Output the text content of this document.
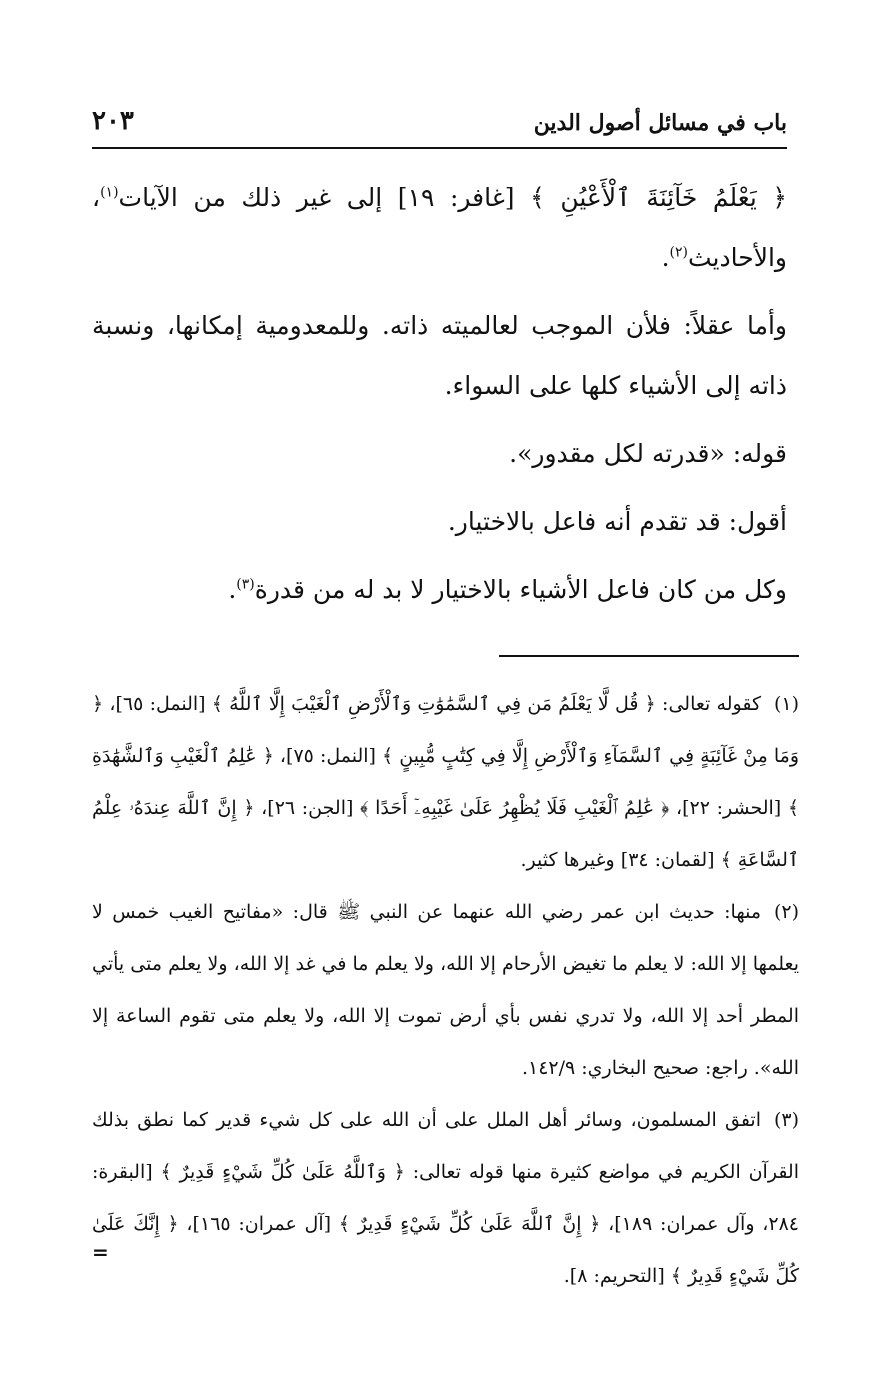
باب في مسائل أصول الدين
٢٠٣

﴿ يَعْلَمُ خَآئِنَةَ ٱلْأَعْيُنِ ﴾ [غافر: ١٩] إلى غير ذلك من الآيات$^{(١)}$، والأحاديث$^{(٢)}$.

وأما عقلاً: فلأن الموجب لعالميته ذاته. وللمعدومية إمكانها، ونسبة ذاته إلى الأشياء كلها على السواء.

قوله: «قدرته لكل مقدور».

أقول: قد تقدم أنه فاعل بالاختيار.

وكل من كان فاعل الأشياء بالاختيار لا بد له من قدرة$^{(٣)}$.

(١)كقوله تعالى: ﴿ قُل لَّا يَعْلَمُ مَن فِي ٱلسَّمَٰوَٰتِ وَٱلْأَرْضِ ٱلْغَيْبَ إِلَّا ٱللَّهُ ﴾ [النمل: ٦٥]، ﴿ وَمَا مِنْ غَآئِبَةٍ فِي ٱلسَّمَآءِ وَٱلْأَرْضِ إِلَّا فِي كِتَٰبٍ مُّبِينٍ ﴾ [النمل: ٧٥]، ﴿ عَٰلِمُ ٱلْغَيْبِ وَٱلشَّهَٰدَةِ ﴾ [الحشر: ٢٢]، ﴿ عَٰلِمُ ٱلْغَيْبِ فَلَا يُظْهِرُ عَلَىٰ غَيْبِهِۦٓ أَحَدًا ﴾ [الجن: ٢٦]، ﴿ إِنَّ ٱللَّهَ عِندَهُۥ عِلْمُ ٱلسَّاعَةِ ﴾ [لقمان: ٣٤] وغيرها كثير.

(٢)منها: حديث ابن عمر رضي الله عنهما عن النبي ﷺ قال: «مفاتيح الغيب خمس لا يعلمها إلا الله: لا يعلم ما تغيض الأرحام إلا الله، ولا يعلم ما في غد إلا الله، ولا يعلم متى يأتي المطر أحد إلا الله، ولا تدري نفس بأي أرض تموت إلا الله، ولا يعلم متى تقوم الساعة إلا الله». راجع: صحيح البخاري: ١٤٢/٩.

(٣)اتفق المسلمون، وسائر أهل الملل على أن الله على كل شيء قدير كما نطق بذلك القرآن الكريم في مواضع كثيرة منها قوله تعالى: ﴿ وَٱللَّهُ عَلَىٰ كُلِّ شَيْءٍ قَدِيرٌ ﴾ [البقرة: ٢٨٤، وآل عمران: ١٨٩]، ﴿ إِنَّ ٱللَّهَ عَلَىٰ كُلِّ شَيْءٍ قَدِيرٌ ﴾ [آل عمران: ١٦٥]، ﴿ إِنَّكَ عَلَىٰ كُلِّ شَيْءٍ قَدِيرٌ ﴾ [التحريم: ٨].

=
